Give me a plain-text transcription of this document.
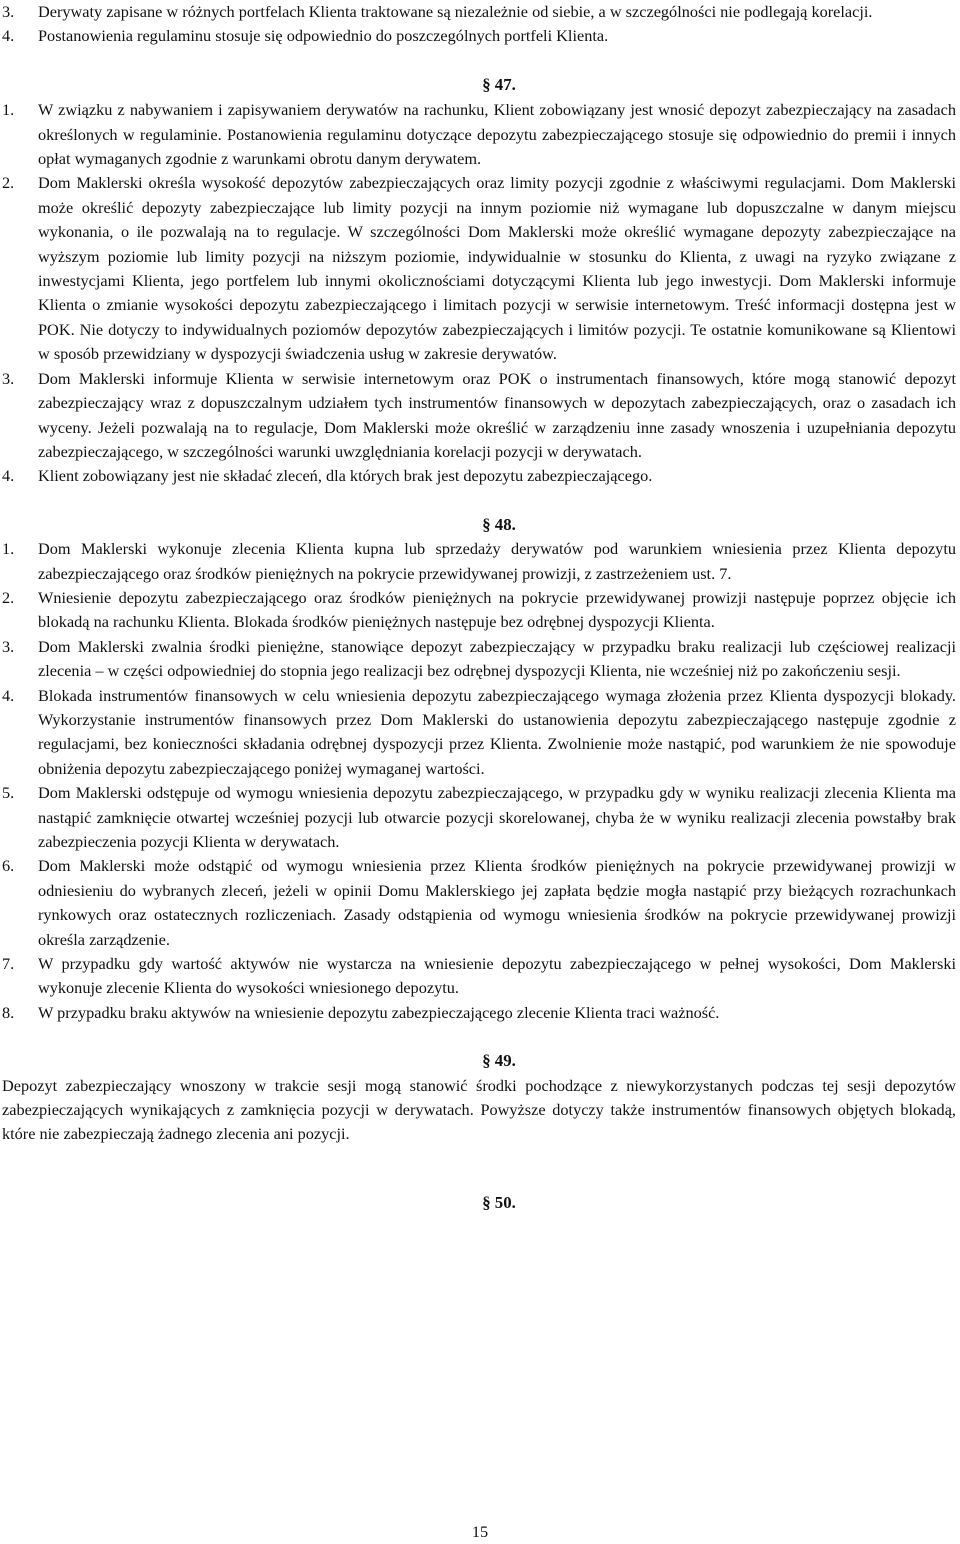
3.	Derywaty zapisane w różnych portfelach Klienta traktowane są niezależnie od siebie, a w szczególności nie podlegają korelacji.
4.	Postanowienia regulaminu stosuje się odpowiednio do poszczególnych portfeli Klienta.
§ 47.
1.	W związku z nabywaniem i zapisywaniem derywatów na rachunku, Klient zobowiązany jest wnosić depozyt zabezpieczający na zasadach określonych w regulaminie. Postanowienia regulaminu dotyczące depozytu zabezpieczającego stosuje się odpowiednio do premii i innych opłat wymaganych zgodnie z warunkami obrotu danym derywatem.
2.	Dom Maklerski określa wysokość depozytów zabezpieczających oraz limity pozycji zgodnie z właściwymi regulacjami. Dom Maklerski może określić depozyty zabezpieczające lub limity pozycji na innym poziomie niż wymagane lub dopuszczalne w danym miejscu wykonania, o ile pozwalają na to regulacje. W szczególności Dom Maklerski może określić wymagane depozyty zabezpieczające na wyższym poziomie lub limity pozycji na niższym poziomie, indywidualnie w stosunku do Klienta, z uwagi na ryzyko związane z inwestycjami Klienta, jego portfelem lub innymi okolicznościami dotyczącymi Klienta lub jego inwestycji. Dom Maklerski informuje Klienta o zmianie wysokości depozytu zabezpieczającego i limitach pozycji w serwisie internetowym. Treść informacji dostępna jest w POK. Nie dotyczy to indywidualnych poziomów depozytów zabezpieczających i limitów pozycji. Te ostatnie komunikowane są Klientowi w sposób przewidziany w dyspozycji świadczenia usług w zakresie derywatów.
3.	Dom Maklerski informuje Klienta w serwisie internetowym oraz POK o instrumentach finansowych, które mogą stanowić depozyt zabezpieczający wraz z dopuszczalnym udziałem tych instrumentów finansowych w depozytach zabezpieczających, oraz o zasadach ich wyceny. Jeżeli pozwalają na to regulacje, Dom Maklerski może określić w zarządzeniu inne zasady wnoszenia i uzupełniania depozytu zabezpieczającego, w szczególności warunki uwzględniania korelacji pozycji w derywatach.
4.	Klient zobowiązany jest nie składać zleceń, dla których brak jest depozytu zabezpieczającego.
§ 48.
1.	Dom Maklerski wykonuje zlecenia Klienta kupna lub sprzedaży derywatów pod warunkiem wniesienia przez Klienta depozytu zabezpieczającego oraz środków pieniężnych na pokrycie przewidywanej prowizji, z zastrzeżeniem ust. 7.
2.	Wniesienie depozytu zabezpieczającego oraz środków pieniężnych na pokrycie przewidywanej prowizji następuje poprzez objęcie ich blokadą na rachunku Klienta. Blokada środków pieniężnych następuje bez odrębnej dyspozycji Klienta.
3.	Dom Maklerski zwalnia środki pieniężne, stanowiące depozyt zabezpieczający w przypadku braku realizacji lub częściowej realizacji zlecenia – w części odpowiedniej do stopnia jego realizacji bez odrębnej dyspozycji Klienta, nie wcześniej niż po zakończeniu sesji.
4.	Blokada instrumentów finansowych w celu wniesienia depozytu zabezpieczającego wymaga złożenia przez Klienta dyspozycji blokady. Wykorzystanie instrumentów finansowych przez Dom Maklerski do ustanowienia depozytu zabezpieczającego następuje zgodnie z regulacjami, bez konieczności składania odrębnej dyspozycji przez Klienta. Zwolnienie może nastąpić, pod warunkiem że nie spowoduje obniżenia depozytu zabezpieczającego poniżej wymaganej wartości.
5.	Dom Maklerski odstępuje od wymogu wniesienia depozytu zabezpieczającego, w przypadku gdy w wyniku realizacji zlecenia Klienta ma nastąpić zamknięcie otwartej wcześniej pozycji lub otwarcie pozycji skorelowanej, chyba że w wyniku realizacji zlecenia powstałby brak zabezpieczenia pozycji Klienta w derywatach.
6.	Dom Maklerski może odstąpić od wymogu wniesienia przez Klienta środków pieniężnych na pokrycie przewidywanej prowizji w odniesieniu do wybranych zleceń, jeżeli w opinii Domu Maklerskiego jej zapłata będzie mogła nastąpić przy bieżących rozrachunkach rynkowych oraz ostatecznych rozliczeniach. Zasady odstąpienia od wymogu wniesienia środków na pokrycie przewidywanej prowizji określa zarządzenie.
7.	W przypadku gdy wartość aktywów nie wystarcza na wniesienie depozytu zabezpieczającego w pełnej wysokości, Dom Maklerski wykonuje zlecenie Klienta do wysokości wniesionego depozytu.
8.	W przypadku braku aktywów na wniesienie depozytu zabezpieczającego zlecenie Klienta traci ważność.
§ 49.

Depozyt zabezpieczający wnoszony w trakcie sesji mogą stanowić środki pochodzące z niewykorzystanych podczas tej sesji depozytów zabezpieczających wynikających z zamknięcia pozycji w derywatach. Powyższe dotyczy także instrumentów finansowych objętych blokadą, które nie zabezpieczają żadnego zlecenia ani pozycji.

§ 50.
15
